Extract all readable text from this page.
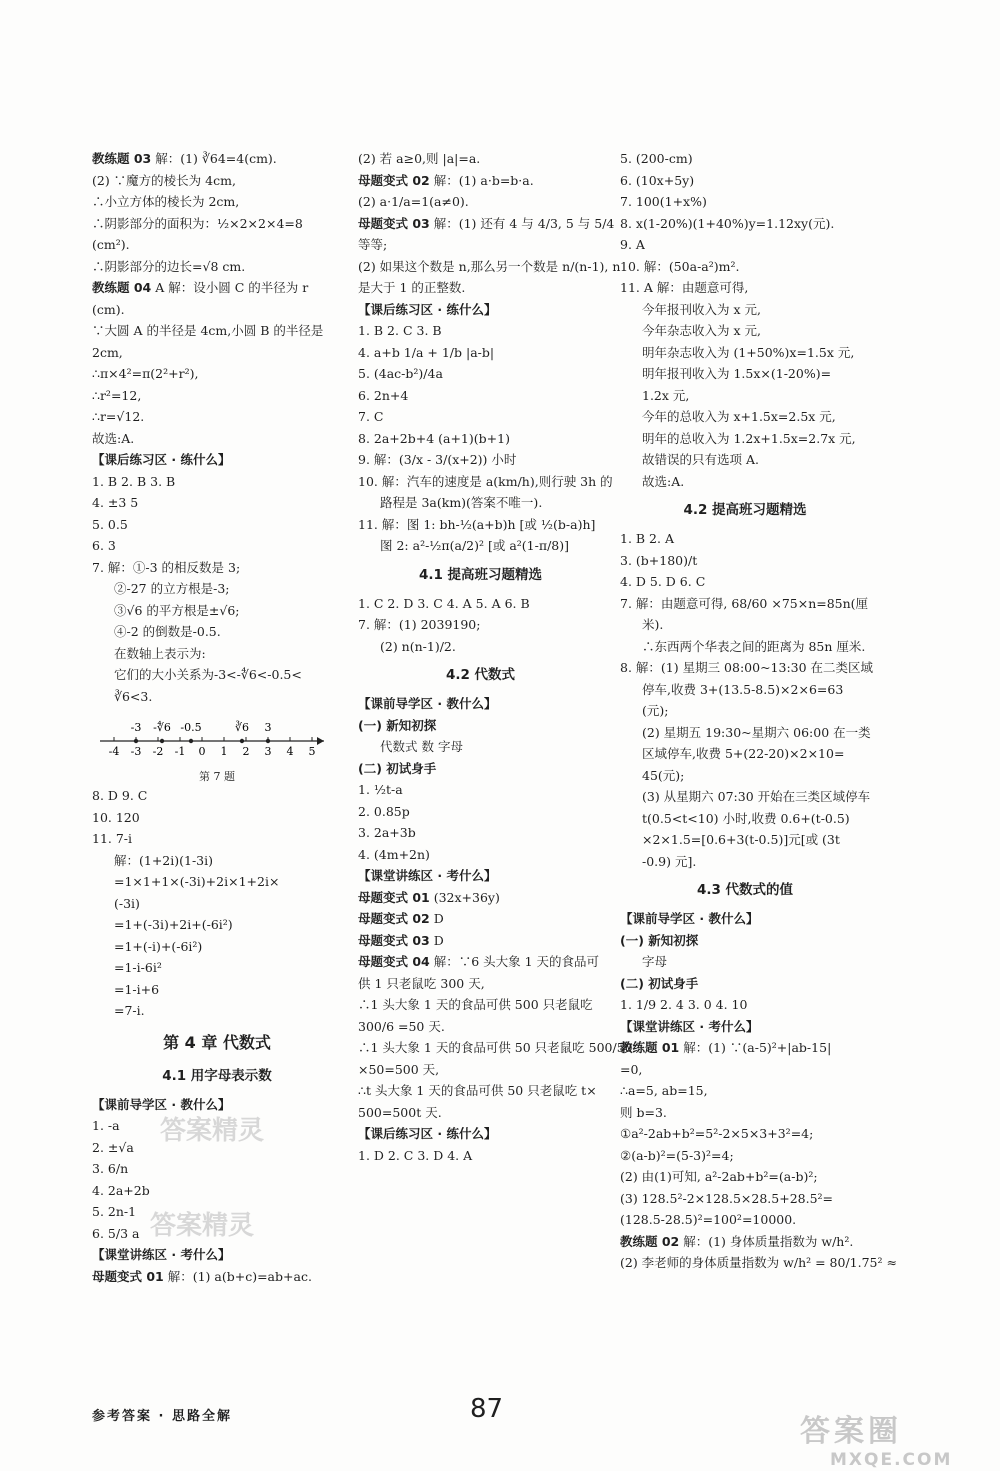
教练题 03 解：(1) ∛64=4(cm).
(2) ∵魔方的棱长为 4cm,
∴小立方体的棱长为 2cm,
∴阴影部分的面积为：½×2×2×4=8
(cm²).
∴阴影部分的边长=√8 cm.
教练题 04 A 解：设小圆 C 的半径为 r
(cm).
∵大圆 A 的半径是 4cm,小圆 B 的半径是
2cm,
∴π×4²=π(2²+r²),
∴r²=12,
∴r=√12.
故选:A.
【课后练习区 · 练什么】
1. B 2. B 3. B
4. ±3 5
5. 0.5
6. 3
7. 解：①-3 的相反数是 3;
②-27 的立方根是-3;
③√6 的平方根是±√6;
④-2 的倒数是-0.5.
在数轴上表示为:
它们的大小关系为-3<-∜6<-0.5<
∛6<3.
-4 -3 -2 -1 0 1 2 3 4 5
-3 -∜6 -0.5	∛6 3
第 7 题
8. D 9. C
10. 120
11. 7-i
解：(1+2i)(1-3i)
=1×1+1×(-3i)+2i×1+2i×
(-3i)
=1+(-3i)+2i+(-6i²)
=1+(-i)+(-6i²)
=1-i-6i²
=1-i+6
=7-i.
第 4 章 代数式
4.1 用字母表示数
【课前导学区 · 教什么】
1. -a
2. ±√a
3. 6/n
4. 2a+2b
5. 2n-1
6. 5/3 a
【课堂讲练区 · 考什么】
母题变式 01 解：(1) a(b+c)=ab+ac.
(2) 若 a≥0,则 |a|=a.
母题变式 02 解：(1) a·b=b·a.
(2) a·1/a=1(a≠0).
母题变式 03 解：(1) 还有 4 与 4/3, 5 与 5/4
等等;
(2) 如果这个数是 n,那么另一个数是 n/(n-1), n
是大于 1 的正整数.
【课后练习区 · 练什么】
1. B 2. C 3. B
4. a+b 1/a + 1/b |a-b|
5. (4ac-b²)/4a
6. 2n+4
7. C
8. 2a+2b+4 (a+1)(b+1)
9. 解：(3/x - 3/(x+2)) 小时
10. 解：汽车的速度是 a(km/h),则行驶 3h 的
路程是 3a(km)(答案不唯一).
11. 解：图 1: bh-½(a+b)h [或 ½(b-a)h]
图 2: a²-½π(a/2)² [或 a²(1-π/8)]
4.1 提高班习题精选
1. C 2. D 3. C 4. A 5. A 6. B
7. 解：(1) 2039190;
(2) n(n-1)/2.
4.2 代数式
【课前导学区 · 教什么】
(一) 新知初探
代数式 数 字母
(二) 初试身手
1. ½t-a
2. 0.85p
3. 2a+3b
4. (4m+2n)
【课堂讲练区 · 考什么】
母题变式 01 (32x+36y)
母题变式 02 D
母题变式 03 D
母题变式 04 解：∵6 头大象 1 天的食品可
供 1 只老鼠吃 300 天,
∴1 头大象 1 天的食品可供 500 只老鼠吃
300/6 =50 天.
∴1 头大象 1 天的食品可供 50 只老鼠吃 500/50
×50=500 天,
∴t 头大象 1 天的食品可供 50 只老鼠吃 t×
500=500t 天.
【课后练习区 · 练什么】
1. D 2. C 3. D 4. A
5. (200-cm)
6. (10x+5y)
7. 100(1+x%)
8. x(1-20%)(1+40%)y=1.12xy(元).
9. A
10. 解：(50a-a²)m².
11. A 解：由题意可得,
今年报刊收入为 x 元,
今年杂志收入为 x 元,
明年杂志收入为 (1+50%)x=1.5x 元,
明年报刊收入为 1.5x×(1-20%)=
1.2x 元,
今年的总收入为 x+1.5x=2.5x 元,
明年的总收入为 1.2x+1.5x=2.7x 元,
故错误的只有选项 A.
故选:A.
4.2 提高班习题精选
1. B 2. A
3. (b+180)/t
4. D 5. D 6. C
7. 解：由题意可得, 68/60 ×75×n=85n(厘
米).
∴东西两个华表之间的距离为 85n 厘米.
8. 解：(1) 星期三 08:00~13:30 在二类区域
停车,收费 3+(13.5-8.5)×2×6=63
(元);
(2) 星期五 19:30~星期六 06:00 在一类
区域停车,收费 5+(22-20)×2×10=
45(元);
(3) 从星期六 07:30 开始在三类区域停车
t(0.5<t<10) 小时,收费 0.6+(t-0.5)
×2×1.5=[0.6+3(t-0.5)]元[或 (3t
-0.9) 元].
4.3 代数式的值
【课前导学区 · 教什么】
(一) 新知初探
字母
(二) 初试身手
1. 1/9 2. 4 3. 0 4. 10
【课堂讲练区 · 考什么】
教练题 01 解：(1) ∵(a-5)²+|ab-15|
=0,
∴a=5, ab=15,
则 b=3.
①a²-2ab+b²=5²-2×5×3+3²=4;
②(a-b)²=(5-3)²=4;
(2) 由(1)可知, a²-2ab+b²=(a-b)²;
(3) 128.5²-2×128.5×28.5+28.5²=
(128.5-28.5)²=100²=10000.
教练题 02 解：(1) 身体质量指数为 w/h².
(2) 李老师的身体质量指数为 w/h² = 80/1.75² ≈
答案精灵
答案精灵
参考答案 · 思路全解	87
答案圈
MXQE.COM
